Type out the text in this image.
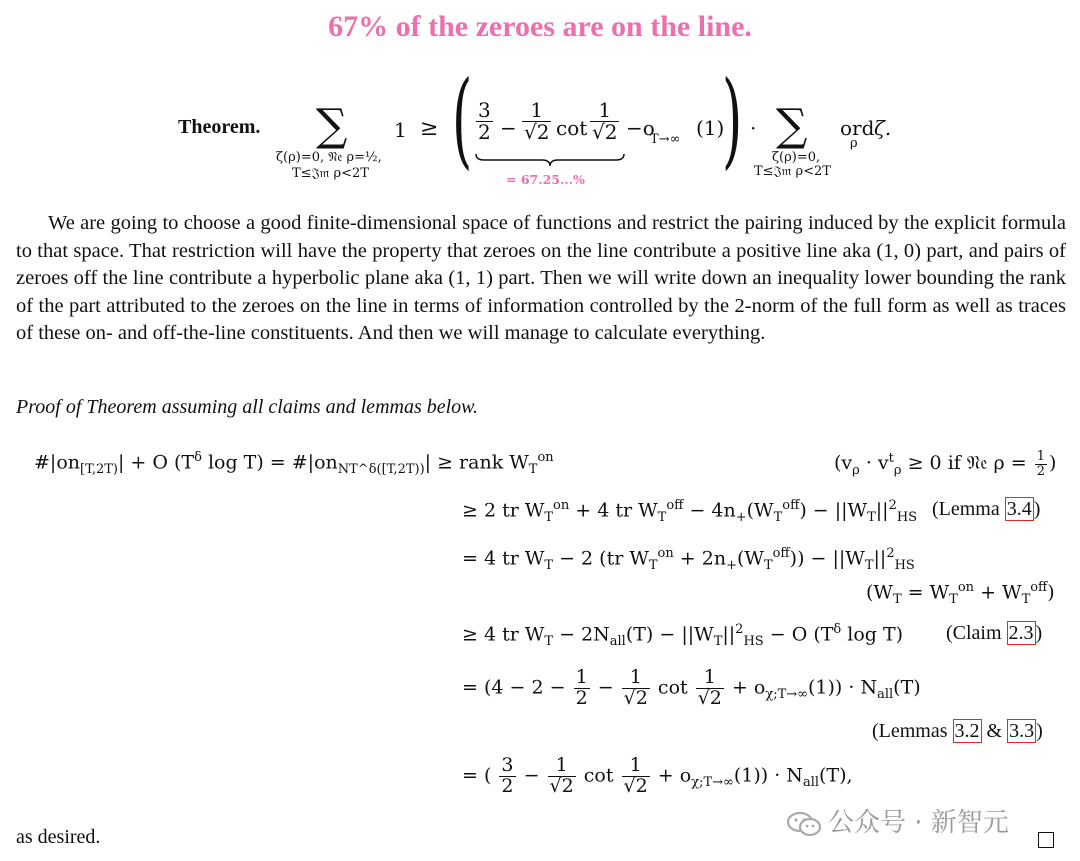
67% of the zeroes are on the line.
Theorem. ∑
ζ(ρ)=0, 𝔑𝔢 ρ=½,
T≤𝔍𝔪 ρ<2T
1 ≥ ( $\frac{3}{2} - \frac{1}{√2}$ $\cot \frac{1}{√2} -o$
T→∞ (1)
)
= 67.25...%
· ∑
ζ(ρ)=0,
T≤𝔍𝔪 ρ<2T
ord
ρ
ζ.
We are going to choose a good finite-dimensional space of functions and restrict the pairing induced by the explicit formula to that space. That restriction will have the property that zeroes on the line contribute a positive line aka (1, 0) part, and pairs of zeroes off the line contribute a hyperbolic plane aka (1, 1) part. Then we will write down an inequality lower bounding the rank of the part attributed to the zeroes on the line in terms of information controlled by the 2-norm of the full form as well as traces of these on- and off-the-line constituents. And then we will manage to calculate everything.
Proof of Theorem assuming all claims and lemmas below.
$\#|on_{[T,2T)}| + O$ ($T^\delta$ $\log T) = \#|on_{NT\^{}\delta([T,2T))}|$ ≥ rank $W_T^{on}$	($v_\rho \cdot v^t_\rho \ge 0$ if 𝔑𝔢 $\rho = \frac{1}{2}$ )
≥ 2 tr $W_T^{on} + 4$ tr $W_T^{off} - 4n_+(W_T^{off}) - ||W_T||^2_{HS}$ (Lemma 3.4 )
= 4 tr $W_T - 2$ (tr $W_T^{on} + 2n_+(W_T^{off})) - ||W_T||^2_{HS}$
$(W_T = W_T^{on} + W_T^{off})$
≥ 4 tr $W_T - 2N_{all}(T) - ||W_T||^2_{HS} - O$ ($T^\delta$ log T) (Claim 2.3 )
= ($4 - 2 - \frac{1}{2} - \frac{1}{√2}$ $\cot \frac{1}{√2} + o_{\chi;T\to\infty}(1)) \cdot N_{all}(T)$
(Lemmas 3.2 & 3.3 )
= ( $\frac{3}{2} - \frac{1}{√2}$ $\cot \frac{1}{√2} + o_{\chi;T\to\infty}(1)) \cdot N_{all}(T)$,
as desired.	公众号 · 新智元
